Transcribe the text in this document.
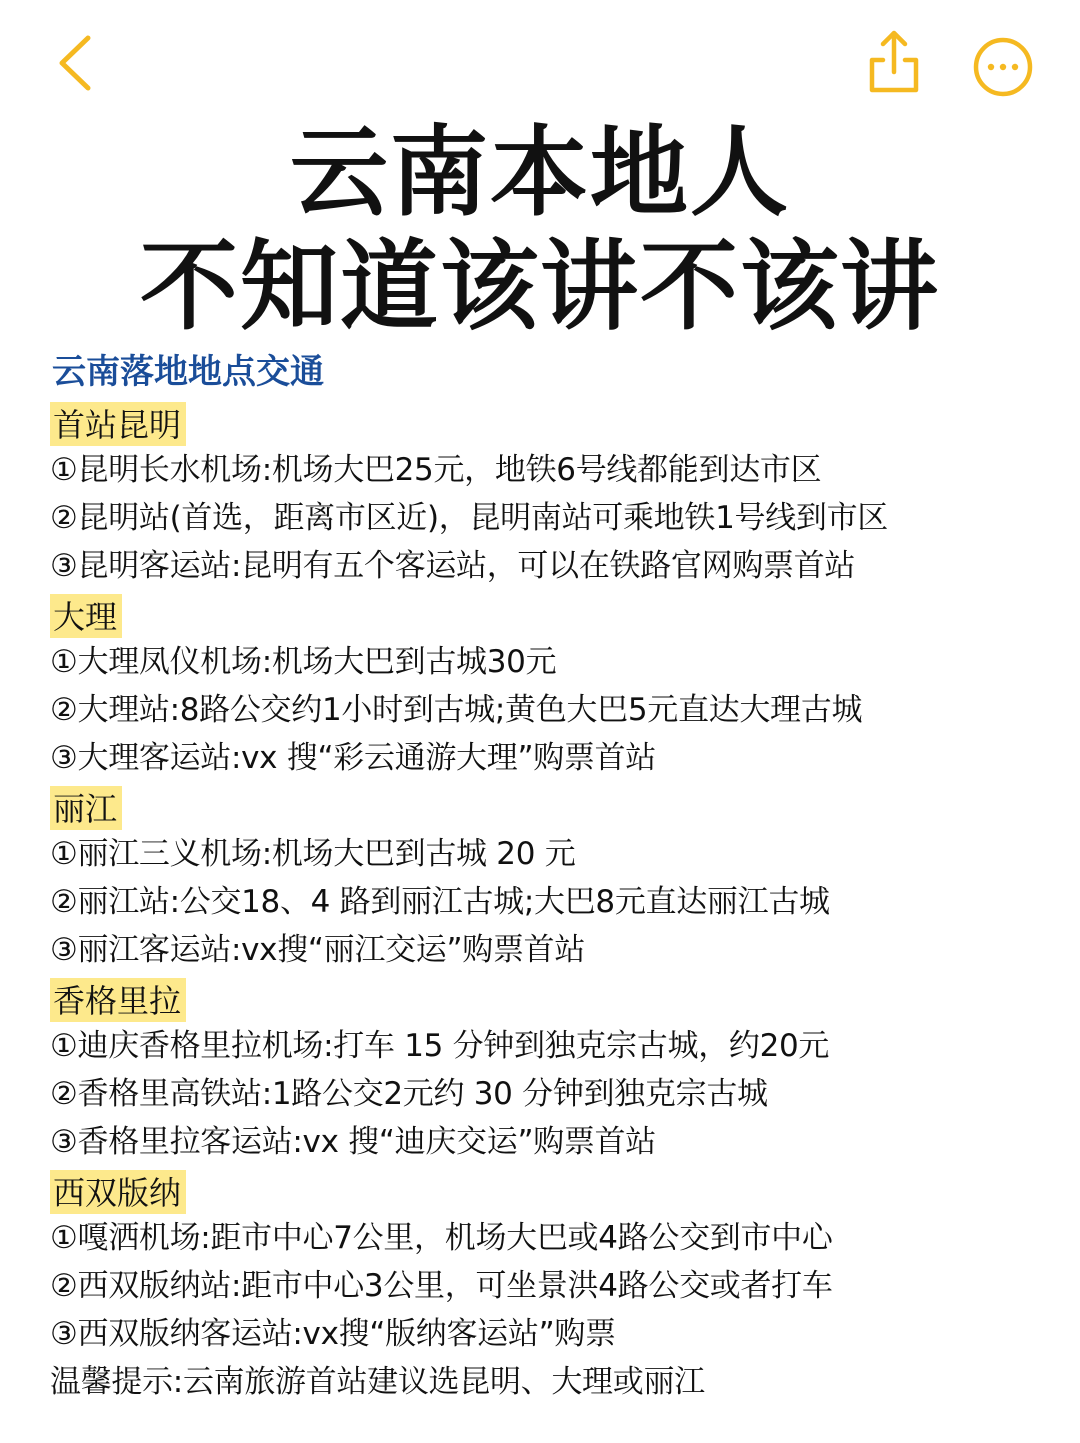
云南本地人
不知道该讲不该讲
云南落地地点交通
首站昆明
①昆明长水机场:机场大巴25元，地铁6号线都能到达市区
②昆明站(首选，距离市区近)，昆明南站可乘地铁1号线到市区
③昆明客运站:昆明有五个客运站，可以在铁路官网购票首站
大理
①大理凤仪机场:机场大巴到古城30元
②大理站:8路公交约1小时到古城;黄色大巴5元直达大理古城
③大理客运站:vx 搜“彩云通游大理”购票首站
丽江
①丽江三义机场:机场大巴到古城 20 元
②丽江站:公交18、4 路到丽江古城;大巴8元直达丽江古城
③丽江客运站:vx搜“丽江交运”购票首站
香格里拉
①迪庆香格里拉机场:打车 15 分钟到独克宗古城，约20元
②香格里高铁站:1路公交2元约 30 分钟到独克宗古城
③香格里拉客运站:vx 搜“迪庆交运”购票首站
西双版纳
①嘎洒机场:距市中心7公里，机场大巴或4路公交到市中心
②西双版纳站:距市中心3公里，可坐景洪4路公交或者打车
③西双版纳客运站:vx搜“版纳客运站”购票
温馨提示:云南旅游首站建议选昆明、大理或丽江
